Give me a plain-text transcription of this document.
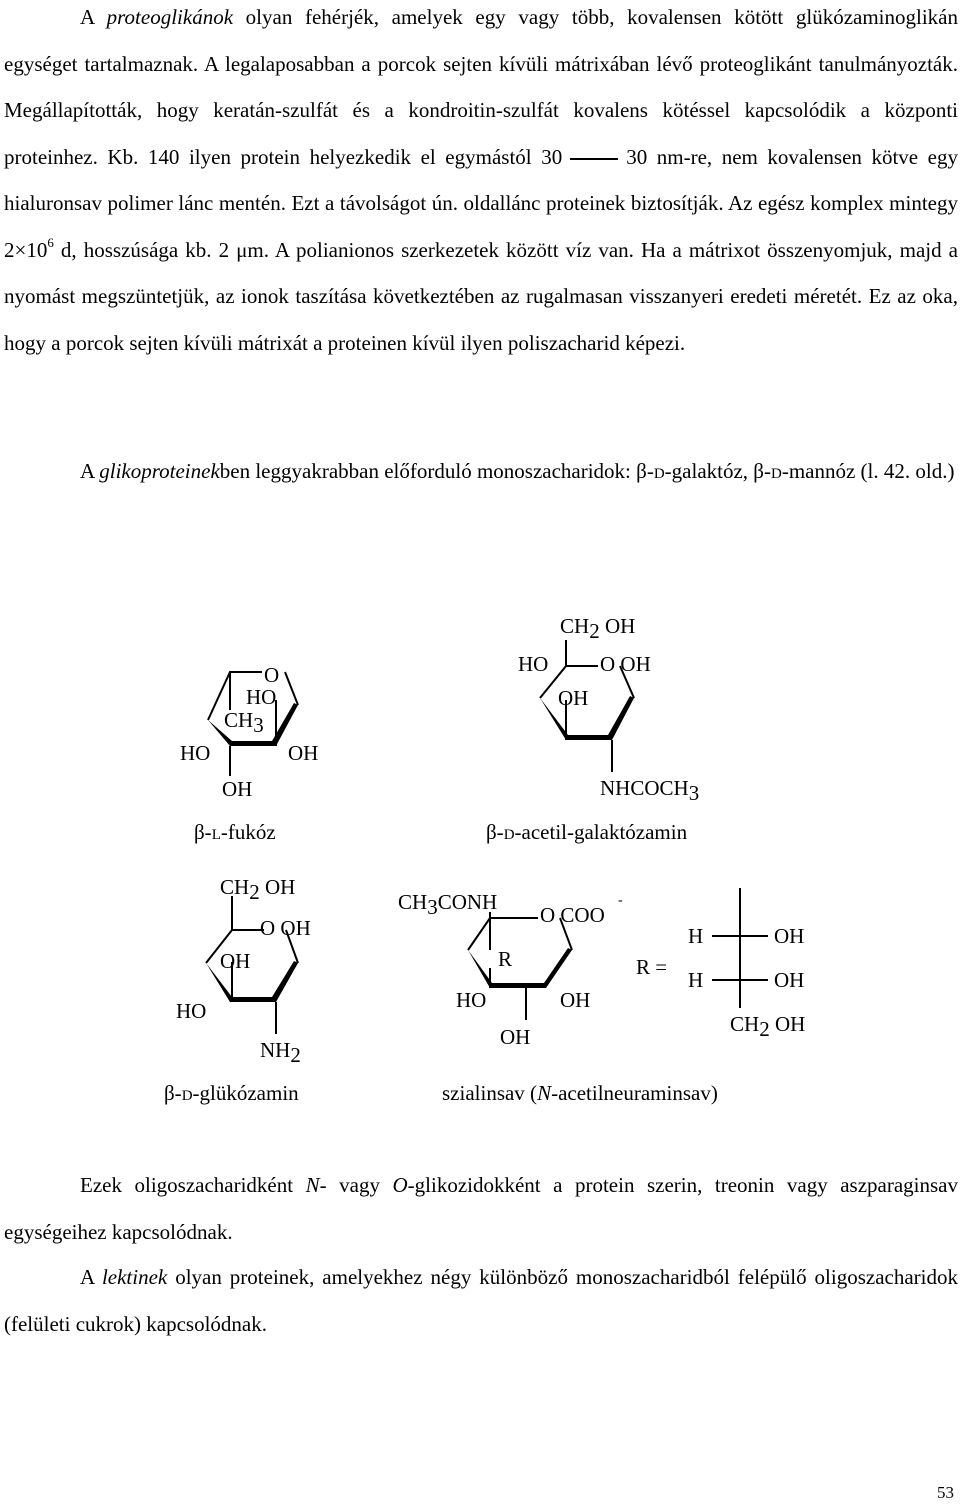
A proteoglikánok olyan fehérjék, amelyek egy vagy több, kovalensen kötött glükózaminoglikán egységet tartalmaznak. A legalaposabban a porcok sejten kívüli mátrixában lévő proteoglikánt tanulmányozták. Megállapították, hogy keratán-szulfát és a kondroitin-szulfát kovalens kötéssel kapcsolódik a központi proteinhez. Kb. 140 ilyen protein helyezkedik el egymástól 30	30 nm-re, nem kovalensen kötve egy hialuronsav polimer lánc mentén. Ezt a távolságot ún. oldallánc proteinek biztosítják. Az egész komplex mintegy $2\times 10^6$ d, hosszúsága kb. 2 μm. A polianionos szerkezetek között víz van. Ha a mátrixot összenyomjuk, majd a nyomást megszüntetjük, az ionok taszítása következtében az rugalmasan visszanyeri eredeti méretét. Ez az oka, hogy a porcok sejten kívüli mátrixát a proteinen kívül ilyen poliszacharid képezi.

A glikoproteinekben leggyakrabban előforduló monoszacharidok: β-D-galaktóz, β-D-mannóz (l. 42. old.)

O
HO
CH3
HO	OH
OH
β-L-fukóz
CH2 OH
HO O OH
OH
NHCOCH3
β-D-acetil-galaktózamin
CH2 OH
O OH
OH
HO
NH2
β-D-glükózamin
CH3CONH
O COO
-
R
HO	OH
OH
szialinsav (N-acetilneuraminsav)
R =
H	OH
H	OH
CH2 OH

Ezek oligoszacharidként N- vagy O-glikozidokként a protein szerin, treonin vagy aszparaginsav egységeihez kapcsolódnak.

A lektinek olyan proteinek, amelyekhez négy különböző monoszacharidból felépülő oligoszacharidok (felületi cukrok) kapcsolódnak.

53
